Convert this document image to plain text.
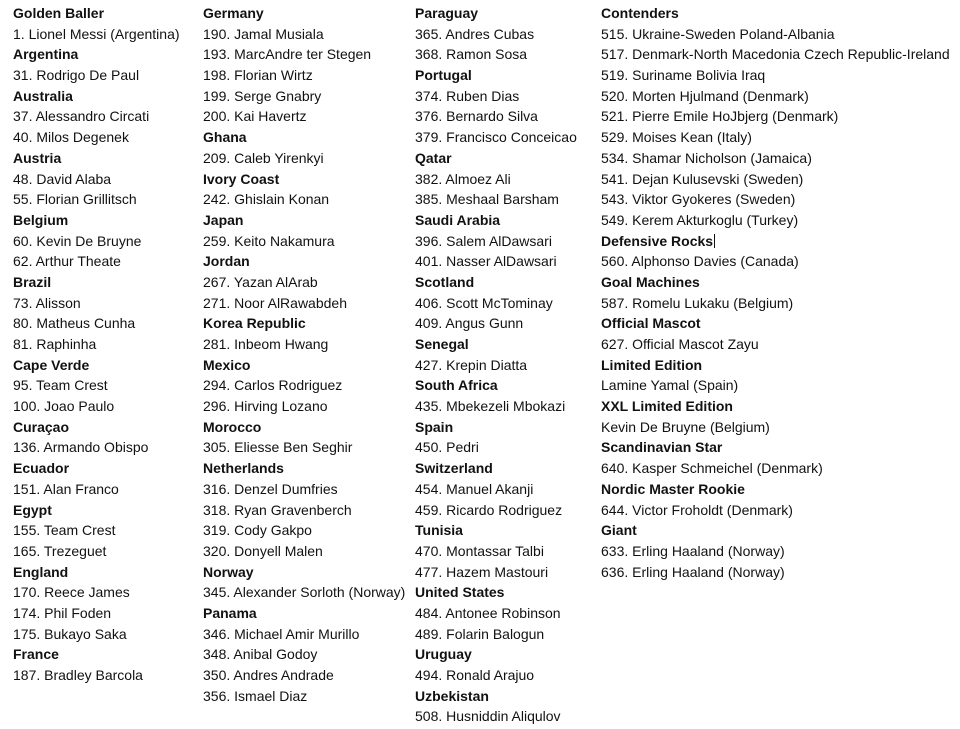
Golden Baller
1. Lionel Messi (Argentina)
Argentina
31. Rodrigo De Paul
Australia
37. Alessandro Circati
40. Milos Degenek
Austria
48. David Alaba
55. Florian Grillitsch
Belgium
60. Kevin De Bruyne
62. Arthur Theate
Brazil
73. Alisson
80. Matheus Cunha
81. Raphinha
Cape Verde
95. Team Crest
100. Joao Paulo
Curaçao
136. Armando Obispo
Ecuador
151. Alan Franco
Egypt
155. Team Crest
165. Trezeguet
England
170. Reece James
174. Phil Foden
175. Bukayo Saka
France
187. Bradley Barcola
Germany
190. Jamal Musiala
193. MarcAndre ter Stegen
198. Florian Wirtz
199. Serge Gnabry
200. Kai Havertz
Ghana
209. Caleb Yirenkyi
Ivory Coast
242. Ghislain Konan
Japan
259. Keito Nakamura
Jordan
267. Yazan AlArab
271. Noor AlRawabdeh
Korea Republic
281. Inbeom Hwang
Mexico
294. Carlos Rodriguez
296. Hirving Lozano
Morocco
305. Eliesse Ben Seghir
Netherlands
316. Denzel Dumfries
318. Ryan Gravenberch
319. Cody Gakpo
320. Donyell Malen
Norway
345. Alexander Sorloth (Norway)
Panama
346. Michael Amir Murillo
348. Anibal Godoy
350. Andres Andrade
356. Ismael Diaz
Paraguay
365. Andres Cubas
368. Ramon Sosa
Portugal
374. Ruben Dias
376. Bernardo Silva
379. Francisco Conceicao
Qatar
382. Almoez Ali
385. Meshaal Barsham
Saudi Arabia
396. Salem AlDawsari
401. Nasser AlDawsari
Scotland
406. Scott McTominay
409. Angus Gunn
Senegal
427. Krepin Diatta
South Africa
435. Mbekezeli Mbokazi
Spain
450. Pedri
Switzerland
454. Manuel Akanji
459. Ricardo Rodriguez
Tunisia
470. Montassar Talbi
477. Hazem Mastouri
United States
484. Antonee Robinson
489. Folarin Balogun
Uruguay
494. Ronald Arajuo
Uzbekistan
508. Husniddin Aliqulov
Contenders
515. Ukraine-Sweden Poland-Albania
517. Denmark-North Macedonia Czech Republic-Ireland
519. Suriname Bolivia Iraq
520. Morten Hjulmand (Denmark)
521. Pierre Emile HoJbjerg (Denmark)
529. Moises Kean (Italy)
534. Shamar Nicholson (Jamaica)
541. Dejan Kulusevski (Sweden)
543. Viktor Gyokeres (Sweden)
549. Kerem Akturkoglu (Turkey)
Defensive Rocks
560. Alphonso Davies (Canada)
Goal Machines
587. Romelu Lukaku (Belgium)
Official Mascot
627. Official Mascot Zayu
Limited Edition
Lamine Yamal (Spain)
XXL Limited Edition
Kevin De Bruyne (Belgium)
Scandinavian Star
640. Kasper Schmeichel (Denmark)
Nordic Master Rookie
644. Victor Froholdt (Denmark)
Giant
633. Erling Haaland (Norway)
636. Erling Haaland (Norway)
